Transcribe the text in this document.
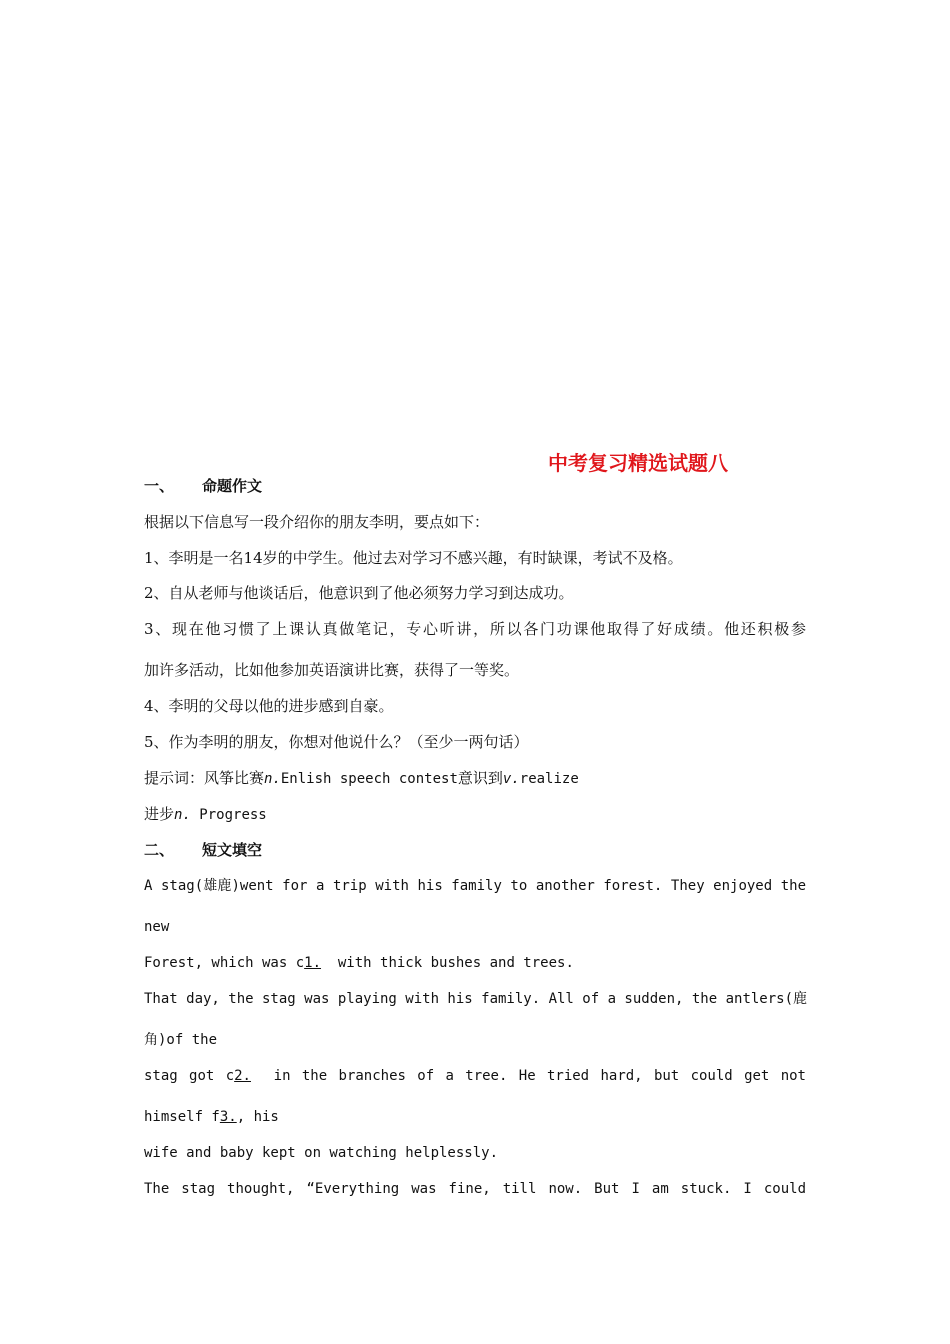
中考复习精选试题八
一、 命题作文
根据以下信息写一段介绍你的朋友李明，要点如下：
1、李明是一名14岁的中学生。他过去对学习不感兴趣，有时缺课，考试不及格。
2、自从老师与他谈话后，他意识到了他必须努力学习到达成功。
3、现在他习惯了上课认真做笔记，专心听讲，所以各门功课他取得了好成绩。他还积极参
加许多活动，比如他参加英语演讲比赛，获得了一等奖。
4、李明的父母以他的进步感到自豪。
5、作为李明的朋友，你想对他说什么？（至少一两句话）
提示词：风筝比赛n.Enlish speech contest意识到v.realize
进步n. Progress
二、 短文填空
A stag(雄鹿)went for a trip with his family to another forest. They enjoyed the
new
Forest, which was c1.  with thick bushes and trees.
That day, the stag was playing with his family. All of a sudden, the antlers(鹿
角)of the
stag got c2.  in the branches of a tree. He tried hard, but could get not
himself f3., his
wife and baby kept on watching helplessly.
The stag thought, “Everything was fine, till now. But I am stuck. I could
